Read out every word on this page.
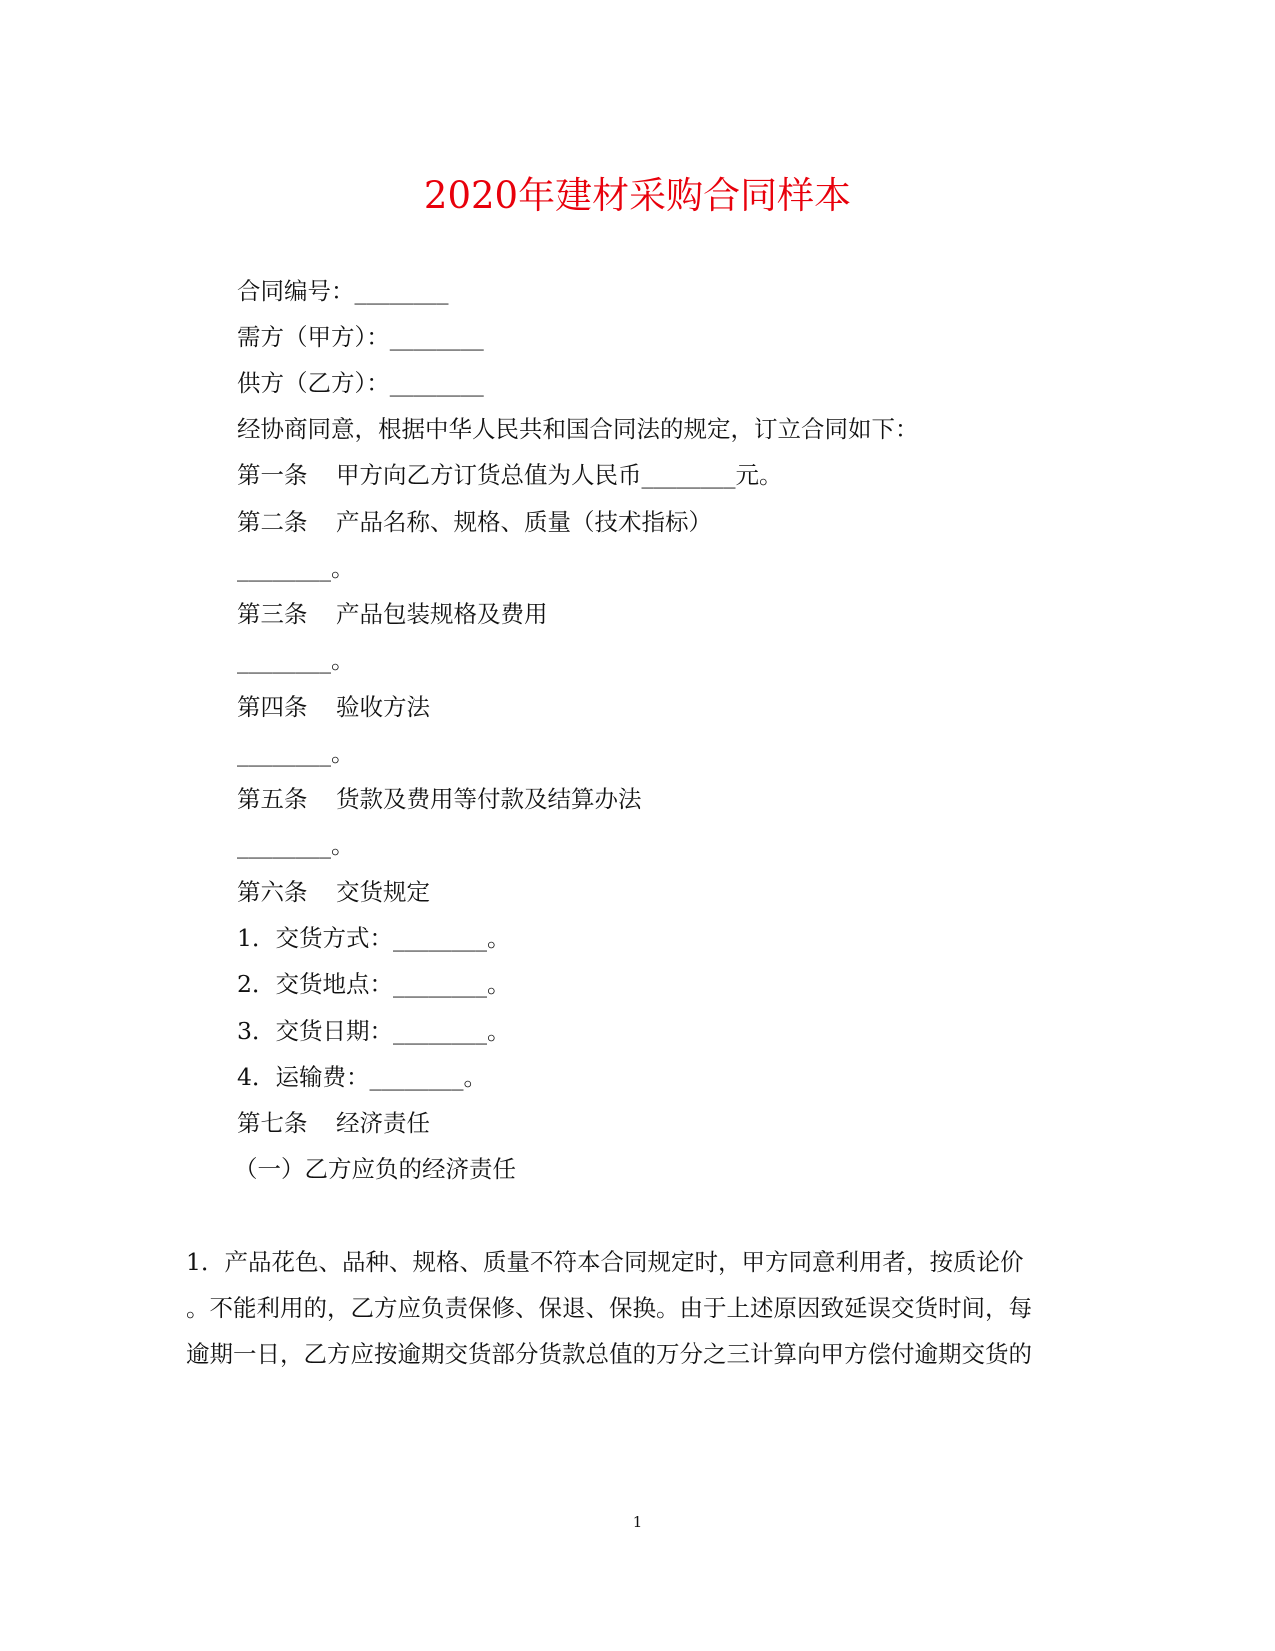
2020年建材采购合同样本
合同编号：________
需方（甲方）：________
供方（乙方）：________
经协商同意，根据中华人民共和国合同法的规定，订立合同如下：
第一条 甲方向乙方订货总值为人民币________元。
第二条 产品名称、规格、质量（技术指标）
________。
第三条 产品包装规格及费用
________。
第四条 验收方法
________。
第五条 货款及费用等付款及结算办法
________。
第六条 交货规定
1．交货方式：________。
2．交货地点：________。
3．交货日期：________。
4．运输费：________。
第七条 经济责任
（一）乙方应负的经济责任
1．产品花色、品种、规格、质量不符本合同规定时，甲方同意利用者，按质论价
。不能利用的，乙方应负责保修、保退、保换。由于上述原因致延误交货时间，每
逾期一日，乙方应按逾期交货部分货款总值的万分之三计算向甲方偿付逾期交货的
1
